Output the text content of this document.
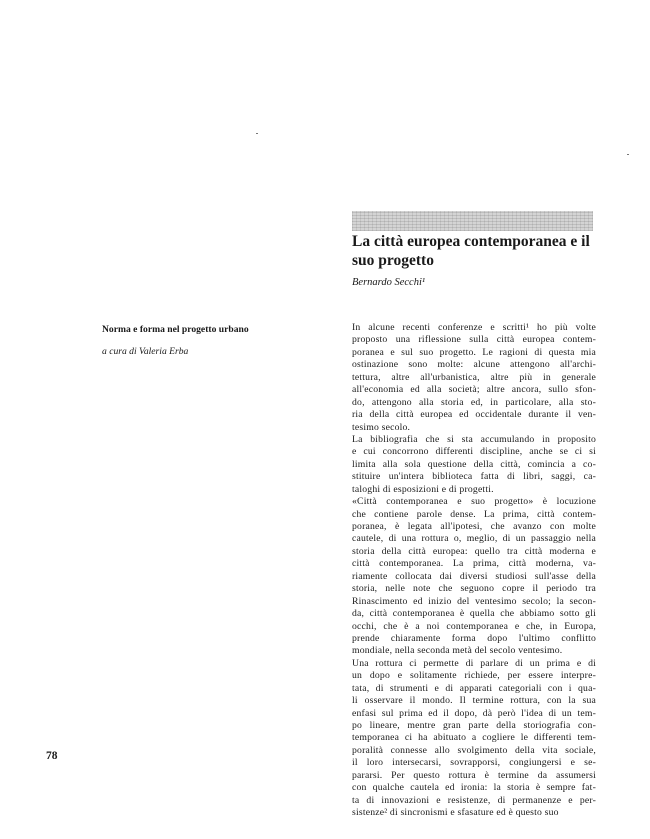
La città europea contemporanea e il suo progetto
Bernardo Secchi¹
Norma e forma nel progetto urbano
a cura di Valeria Erba
In alcune recenti conferenze e scritti¹ ho più volte
proposto una riflessione sulla città europea contem-
poranea e sul suo progetto. Le ragioni di questa mia
ostinazione sono molte: alcune attengono all'archi-
tettura, altre all'urbanistica, altre più in generale
all'economia ed alla società; altre ancora, sullo sfon-
do, attengono alla storia ed, in particolare, alla sto-
ria della città europea ed occidentale durante il ven-
tesimo secolo.
La bibliografia che si sta accumulando in proposito
e cui concorrono differenti discipline, anche se ci si
limita alla sola questione della città, comincia a co-
stituire un'intera biblioteca fatta di libri, saggi, ca-
taloghi di esposizioni e di progetti.
«Città contemporanea e suo progetto» è locuzione
che contiene parole dense. La prima, città contem-
poranea, è legata all'ipotesi, che avanzo con molte
cautele, di una rottura o, meglio, di un passaggio nella
storia della città europea: quello tra città moderna e
città contemporanea. La prima, città moderna, va-
riamente collocata dai diversi studiosi sull'asse della
storia, nelle note che seguono copre il periodo tra
Rinascimento ed inizio del ventesimo secolo; la secon-
da, città contemporanea è quella che abbiamo sotto gli
occhi, che è a noi contemporanea e che, in Europa,
prende chiaramente forma dopo l'ultimo conflitto
mondiale, nella seconda metà del secolo ventesimo.
Una rottura ci permette di parlare di un prima e di
un dopo e solitamente richiede, per essere interpre-
tata, di strumenti e di apparati categoriali con i qua-
li osservare il mondo. Il termine rottura, con la sua
enfasi sul prima ed il dopo, dà però l'idea di un tem-
po lineare, mentre gran parte della storiografia con-
temporanea ci ha abituato a cogliere le differenti tem-
poralità connesse allo svolgimento della vita sociale,
il loro intersecarsi, sovrapporsi, congiungersi e se-
pararsi. Per questo rottura è termine da assumersi
con qualche cautela ed ironia: la storia è sempre fat-
ta di innovazioni e resistenze, di permanenze e per-
sistenze² di sincronismi e sfasature ed è questo suo
78
